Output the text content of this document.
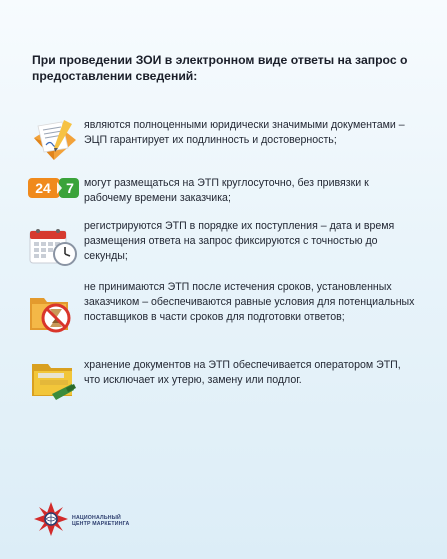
При проведении ЗОИ в электронном виде ответы на запрос о предоставлении сведений:
являются полноценными юридически значимыми документами – ЭЦП гарантирует их подлинность и достоверность;
24 7 могут размещаться на ЭТП круглосуточно, без привязки к рабочему времени заказчика;
регистрируются ЭТП в порядке их поступления – дата и время размещения ответа на запрос фиксируются с точностью до секунды;
не принимаются ЭТП после истечения сроков, установленных заказчиком – обеспечиваются равные условия для потенциальных поставщиков в части сроков для подготовки ответов;
хранение документов на ЭТП обеспечивается оператором ЭТП, что исключает их утерю, замену или подлог.
НАЦИОНАЛЬНЫЙ
ЦЕНТР МАРКЕТИНГА
